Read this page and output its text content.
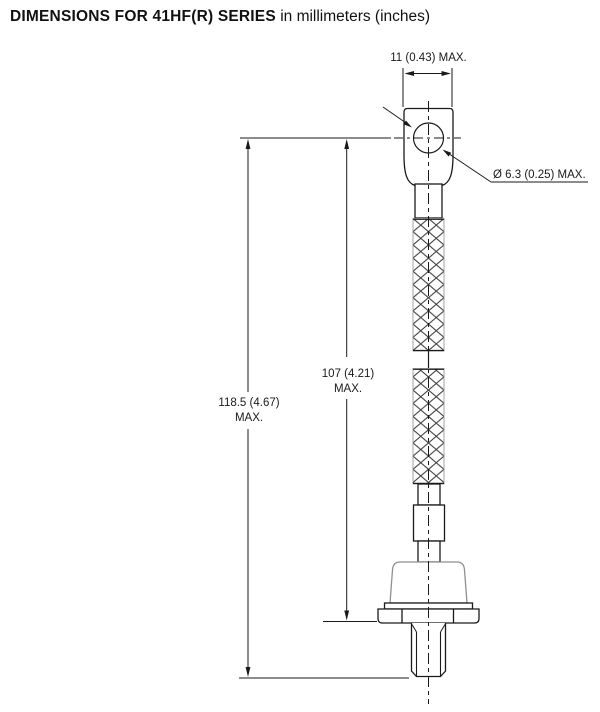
DIMENSIONS FOR 41HF(R) SERIES in millimeters (inches)
11 (0.43) MAX.
Ø 6.3 (0.25) MAX.
118.5 (4.67)
MAX.
107 (4.21)
MAX.
